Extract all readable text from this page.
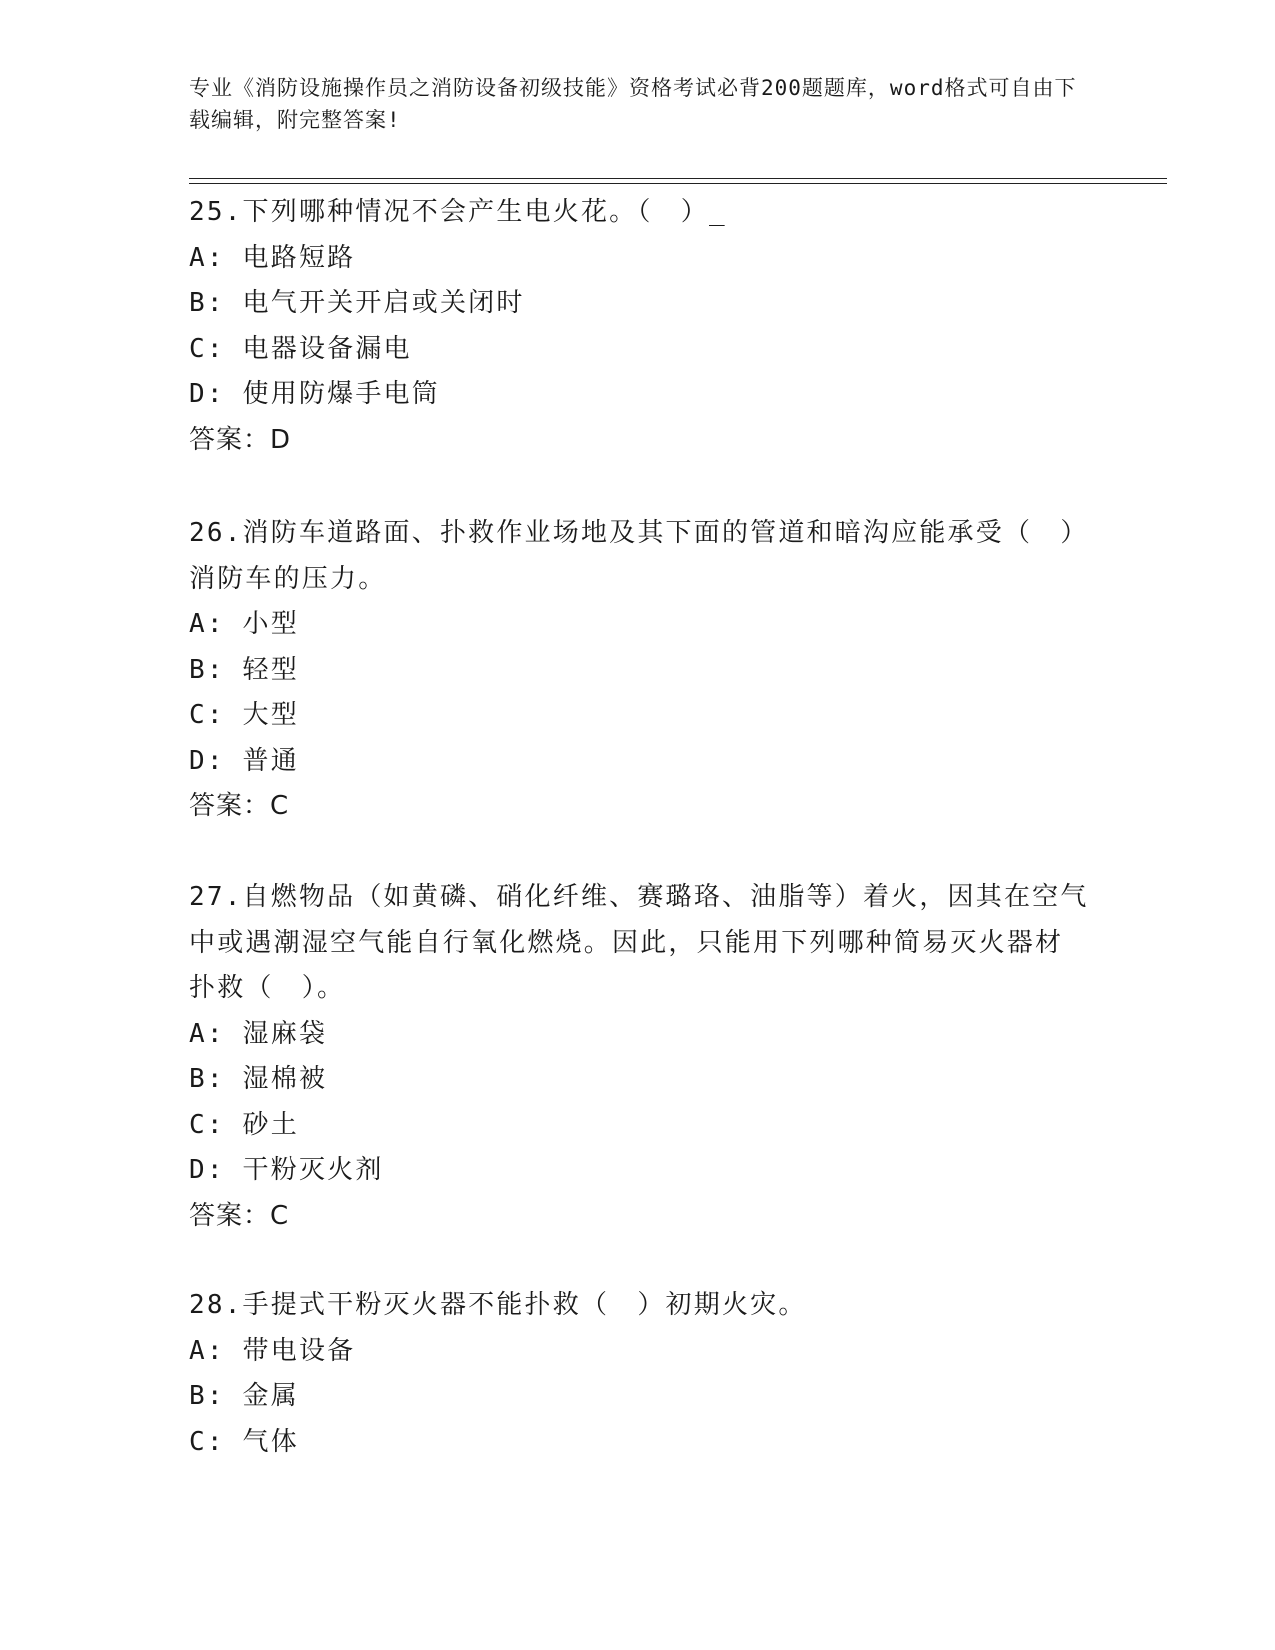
专业《消防设施操作员之消防设备初级技能》资格考试必背200题题库，word格式可自由下载编辑，附完整答案!

25.下列哪种情况不会产生电火花。（　）_

A: 电路短路

B: 电气开关开启或关闭时

C: 电器设备漏电

D: 使用防爆手电筒

答案：D

26.消防车道路面、扑救作业场地及其下面的管道和暗沟应能承受（　）消防车的压力。

A: 小型

B: 轻型

C: 大型

D: 普通

答案：C

27.自燃物品（如黄磷、硝化纤维、赛璐珞、油脂等）着火，因其在空气中或遇潮湿空气能自行氧化燃烧。因此，只能用下列哪种简易灭火器材扑救（　）。

A: 湿麻袋

B: 湿棉被

C: 砂土

D: 干粉灭火剂

答案：C

28.手提式干粉灭火器不能扑救（　）初期火灾。

A: 带电设备

B: 金属

C: 气体
